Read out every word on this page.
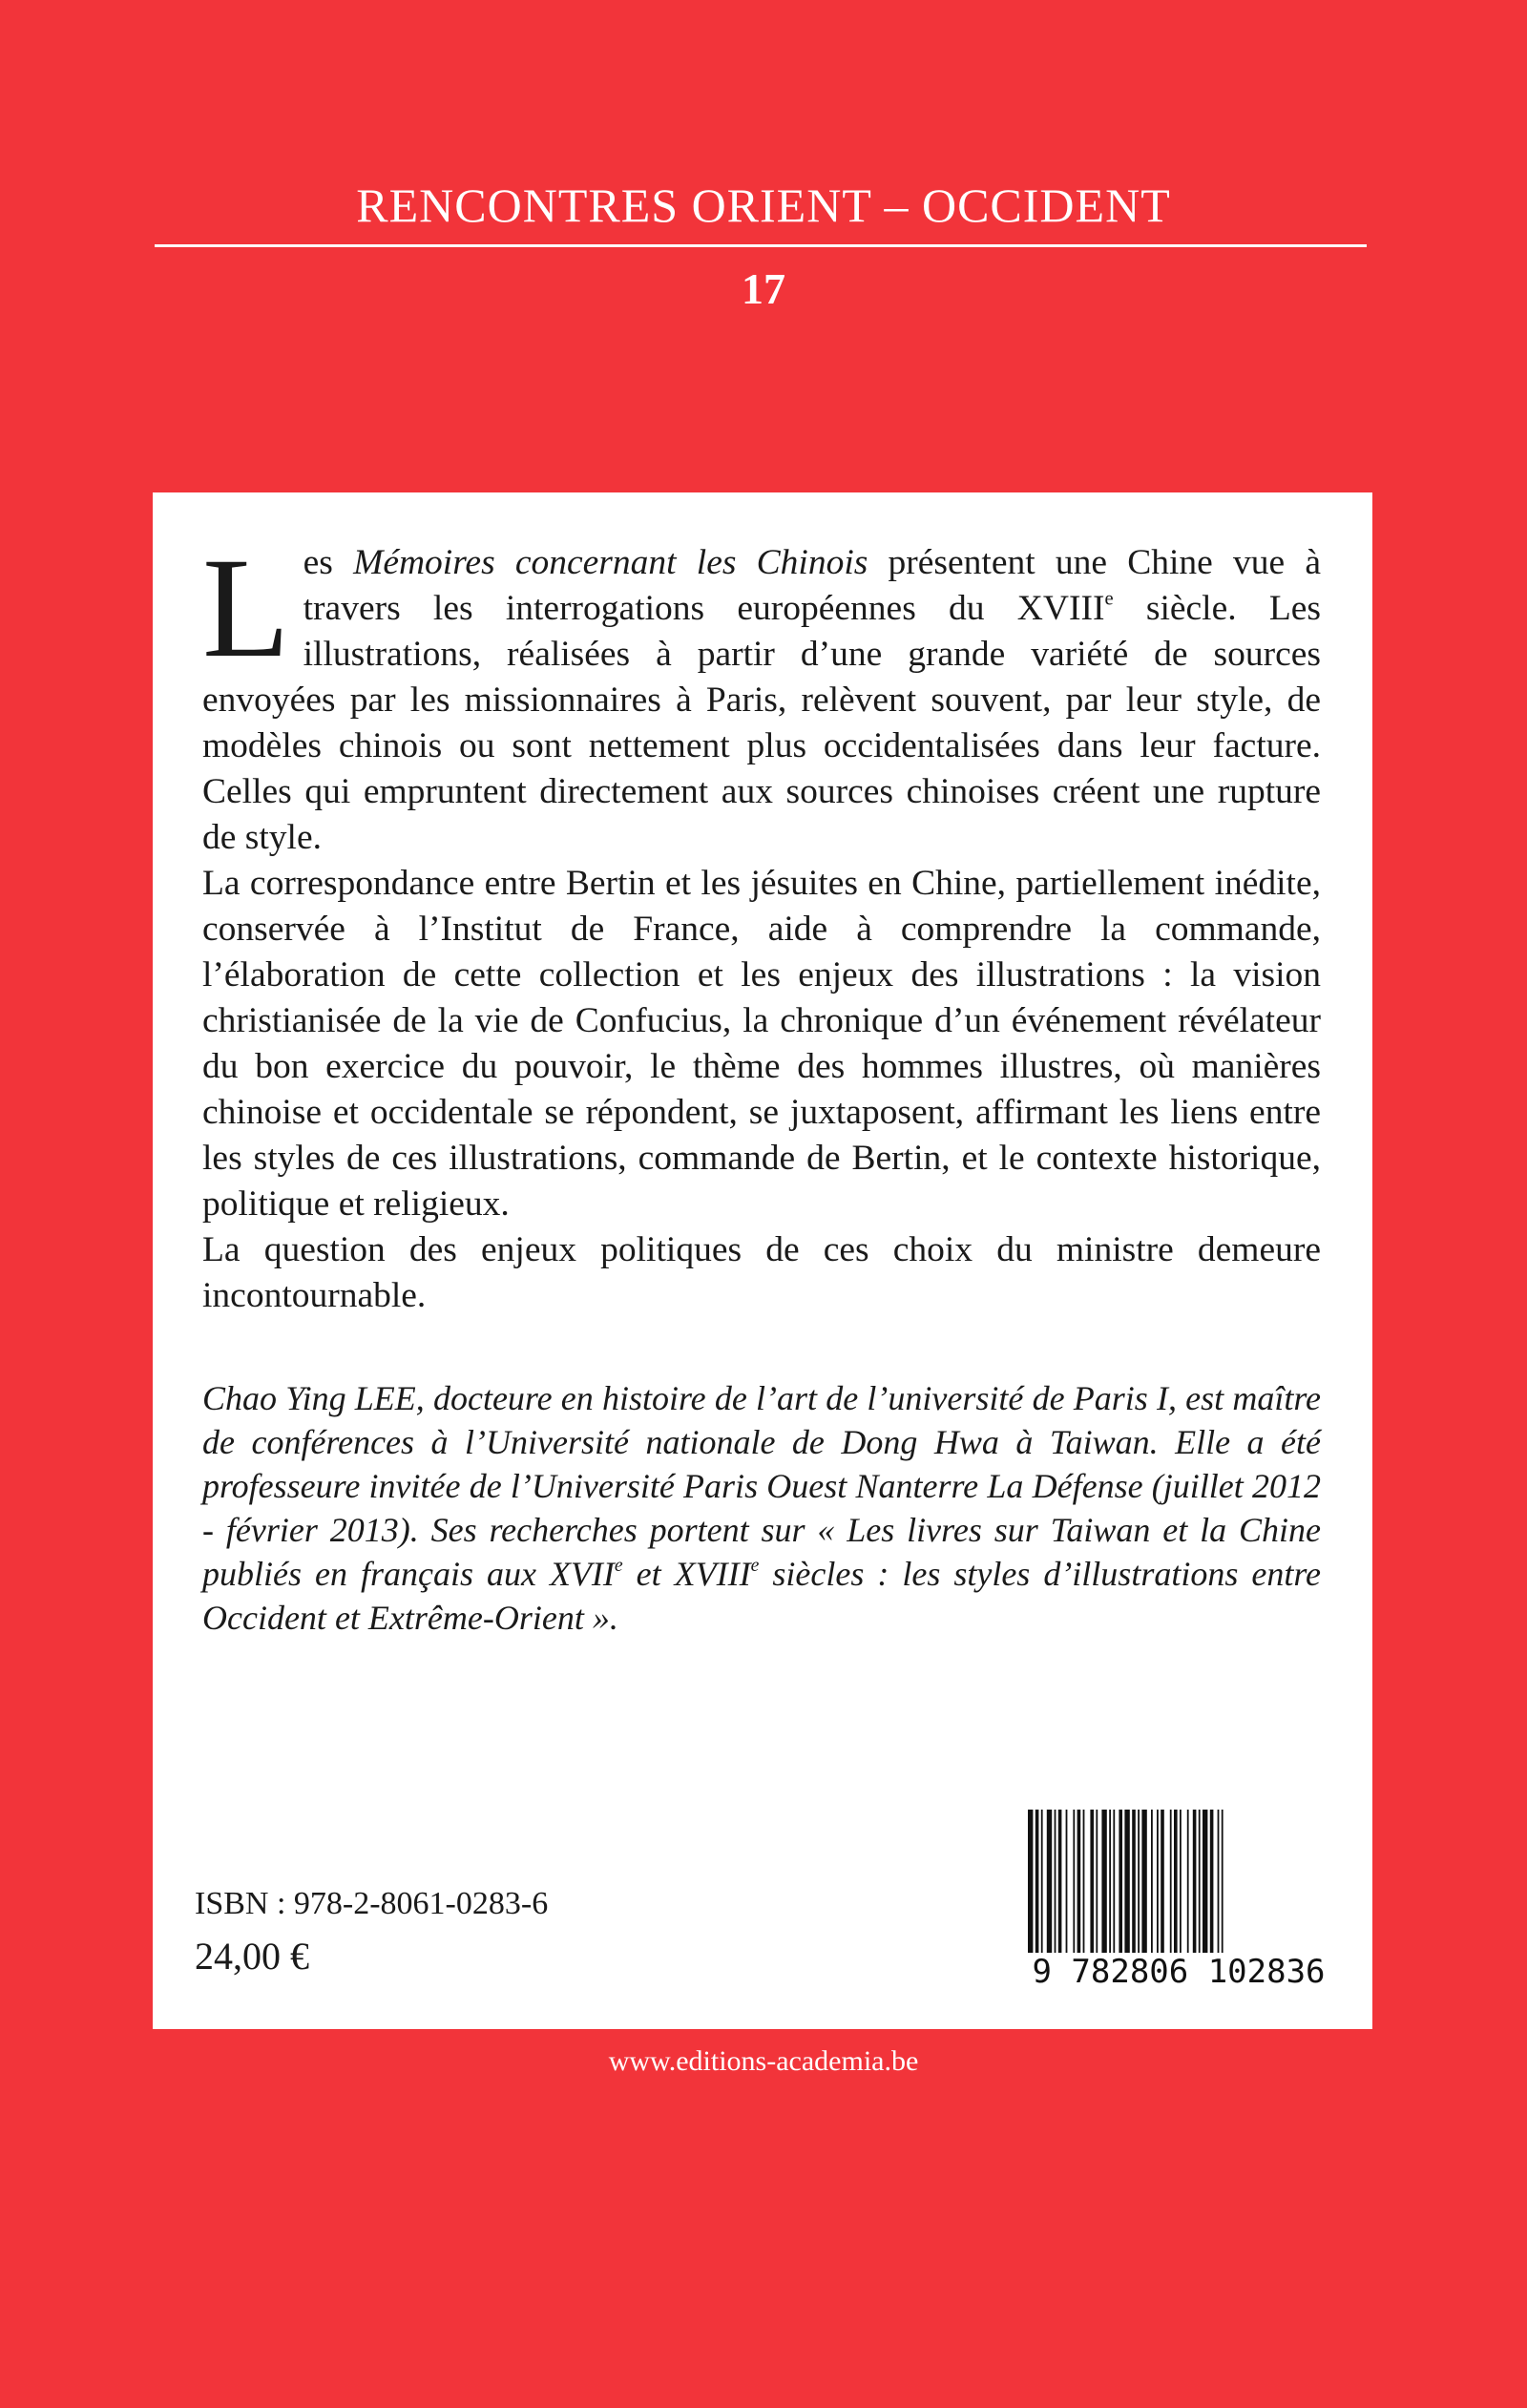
RENCONTRES ORIENT – OCCIDENT
17

Les Mémoires concernant les Chinois présentent une Chine vue à travers les interrogations européennes du XVIIIe siècle. Les illustrations, réalisées à partir d’une grande variété de sources envoyées par les missionnaires à Paris, relèvent souvent, par leur style, de modèles chinois ou sont nettement plus occidentalisées dans leur facture. Celles qui empruntent directement aux sources chinoises créent une rupture de style.

La correspondance entre Bertin et les jésuites en Chine, partiellement inédite, conservée à l’Institut de France, aide à comprendre la commande, l’élaboration de cette collection et les enjeux des illustrations : la vision christianisée de la vie de Confucius, la chronique d’un événement révélateur du bon exercice du pouvoir, le thème des hommes illustres, où manières chinoise et occidentale se répondent, se juxtaposent, affirmant les liens entre les styles de ces illustrations, commande de Bertin, et le contexte historique, politique et religieux.

La question des enjeux politiques de ces choix du ministre demeure incontournable.

Chao Ying LEE, docteure en histoire de l’art de l’université de Paris I, est maître de conférences à l’Université nationale de Dong Hwa à Taiwan. Elle a été professeure invitée de l’Université Paris Ouest Nanterre La Défense (juillet 2012 - février 2013). Ses recherches portent sur « Les livres sur Taiwan et la Chine publiés en français aux XVIIe et XVIIIe siècles : les styles d’illustrations entre Occident et Extrême-Orient ».
ISBN : 978-2-8061-0283-6
24,00 €	9 782806 102836
www.editions-academia.be
